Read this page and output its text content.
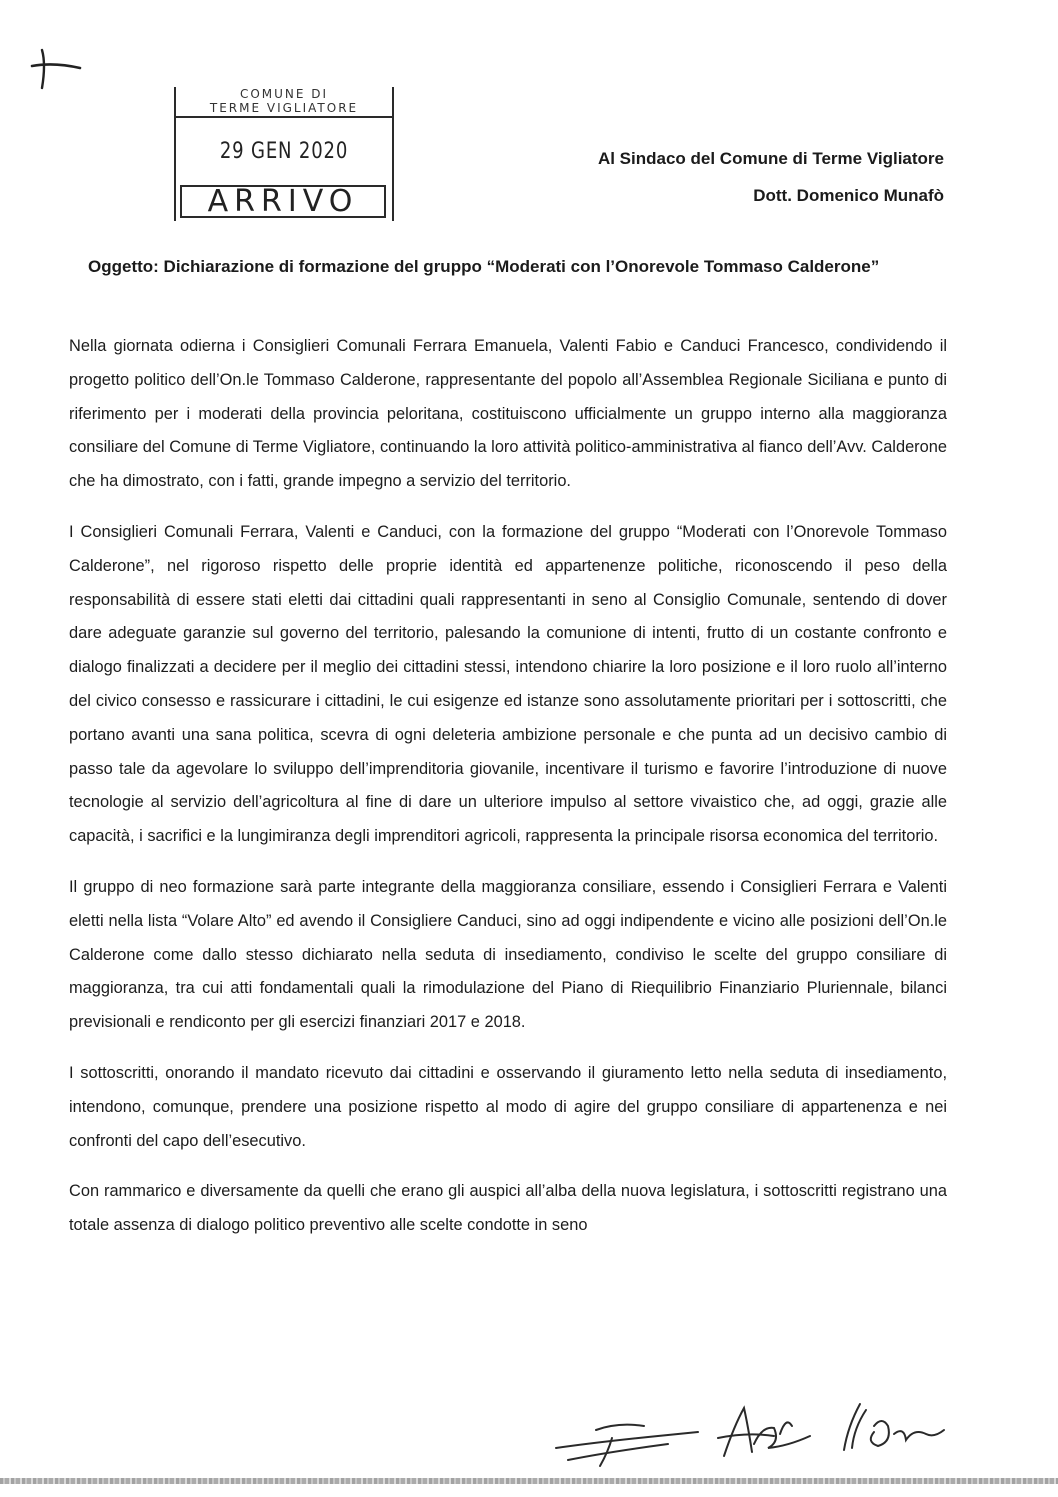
COMUNE DI
TERME VIGLIATORE
29 GEN 2020
ARRIVO
Al Sindaco del Comune di Terme Vigliatore
Dott. Domenico Munafò
Oggetto: Dichiarazione di formazione del gruppo “Moderati con l’Onorevole Tommaso Calderone”

Nella giornata odierna i Consiglieri Comunali Ferrara Emanuela, Valenti Fabio e Canduci Francesco, condividendo il progetto politico dell’On.le Tommaso Calderone, rappresentante del popolo all’Assemblea Regionale Siciliana e punto di riferimento per i moderati della provincia peloritana, costituiscono ufficialmente un gruppo interno alla maggioranza consiliare del Comune di Terme Vigliatore, continuando la loro attività politico-amministrativa al fianco dell’Avv. Calderone che ha dimostrato, con i fatti, grande impegno a servizio del territorio.

I Consiglieri Comunali Ferrara, Valenti e Canduci, con la formazione del gruppo “Moderati con l’Onorevole Tommaso Calderone”, nel rigoroso rispetto delle proprie identità ed appartenenze politiche, riconoscendo il peso della responsabilità di essere stati eletti dai cittadini quali rappresentanti in seno al Consiglio Comunale, sentendo di dover dare adeguate garanzie sul governo del territorio, palesando la comunione di intenti, frutto di un costante confronto e dialogo finalizzati a decidere per il meglio dei cittadini stessi, intendono chiarire la loro posizione e il loro ruolo all’interno del civico consesso e rassicurare i cittadini, le cui esigenze ed istanze sono assolutamente prioritari per i sottoscritti, che portano avanti una sana politica, scevra di ogni deleteria ambizione personale e che punta ad un decisivo cambio di passo tale da agevolare lo sviluppo dell’imprenditoria giovanile, incentivare il turismo e favorire l’introduzione di nuove tecnologie al servizio dell’agricoltura al fine di dare un ulteriore impulso al settore vivaistico che, ad oggi, grazie alle capacità, i sacrifici e la lungimiranza degli imprenditori agricoli, rappresenta la principale risorsa economica del territorio.

Il gruppo di neo formazione sarà parte integrante della maggioranza consiliare, essendo i Consiglieri Ferrara e Valenti eletti nella lista “Volare Alto” ed avendo il Consigliere Canduci, sino ad oggi indipendente e vicino alle posizioni dell’On.le Calderone come dallo stesso dichiarato nella seduta di insediamento, condiviso le scelte del gruppo consiliare di maggioranza, tra cui atti fondamentali quali la rimodulazione del Piano di Riequilibrio Finanziario Pluriennale, bilanci previsionali e rendiconto per gli esercizi finanziari 2017 e 2018.

I sottoscritti, onorando il mandato ricevuto dai cittadini e osservando il giuramento letto nella seduta di insediamento, intendono, comunque, prendere una posizione rispetto al modo di agire del gruppo consiliare di appartenenza e nei confronti del capo dell’esecutivo.

Con rammarico e diversamente da quelli che erano gli auspici all’alba della nuova legislatura, i sottoscritti registrano una totale assenza di dialogo politico preventivo alle scelte condotte in seno
